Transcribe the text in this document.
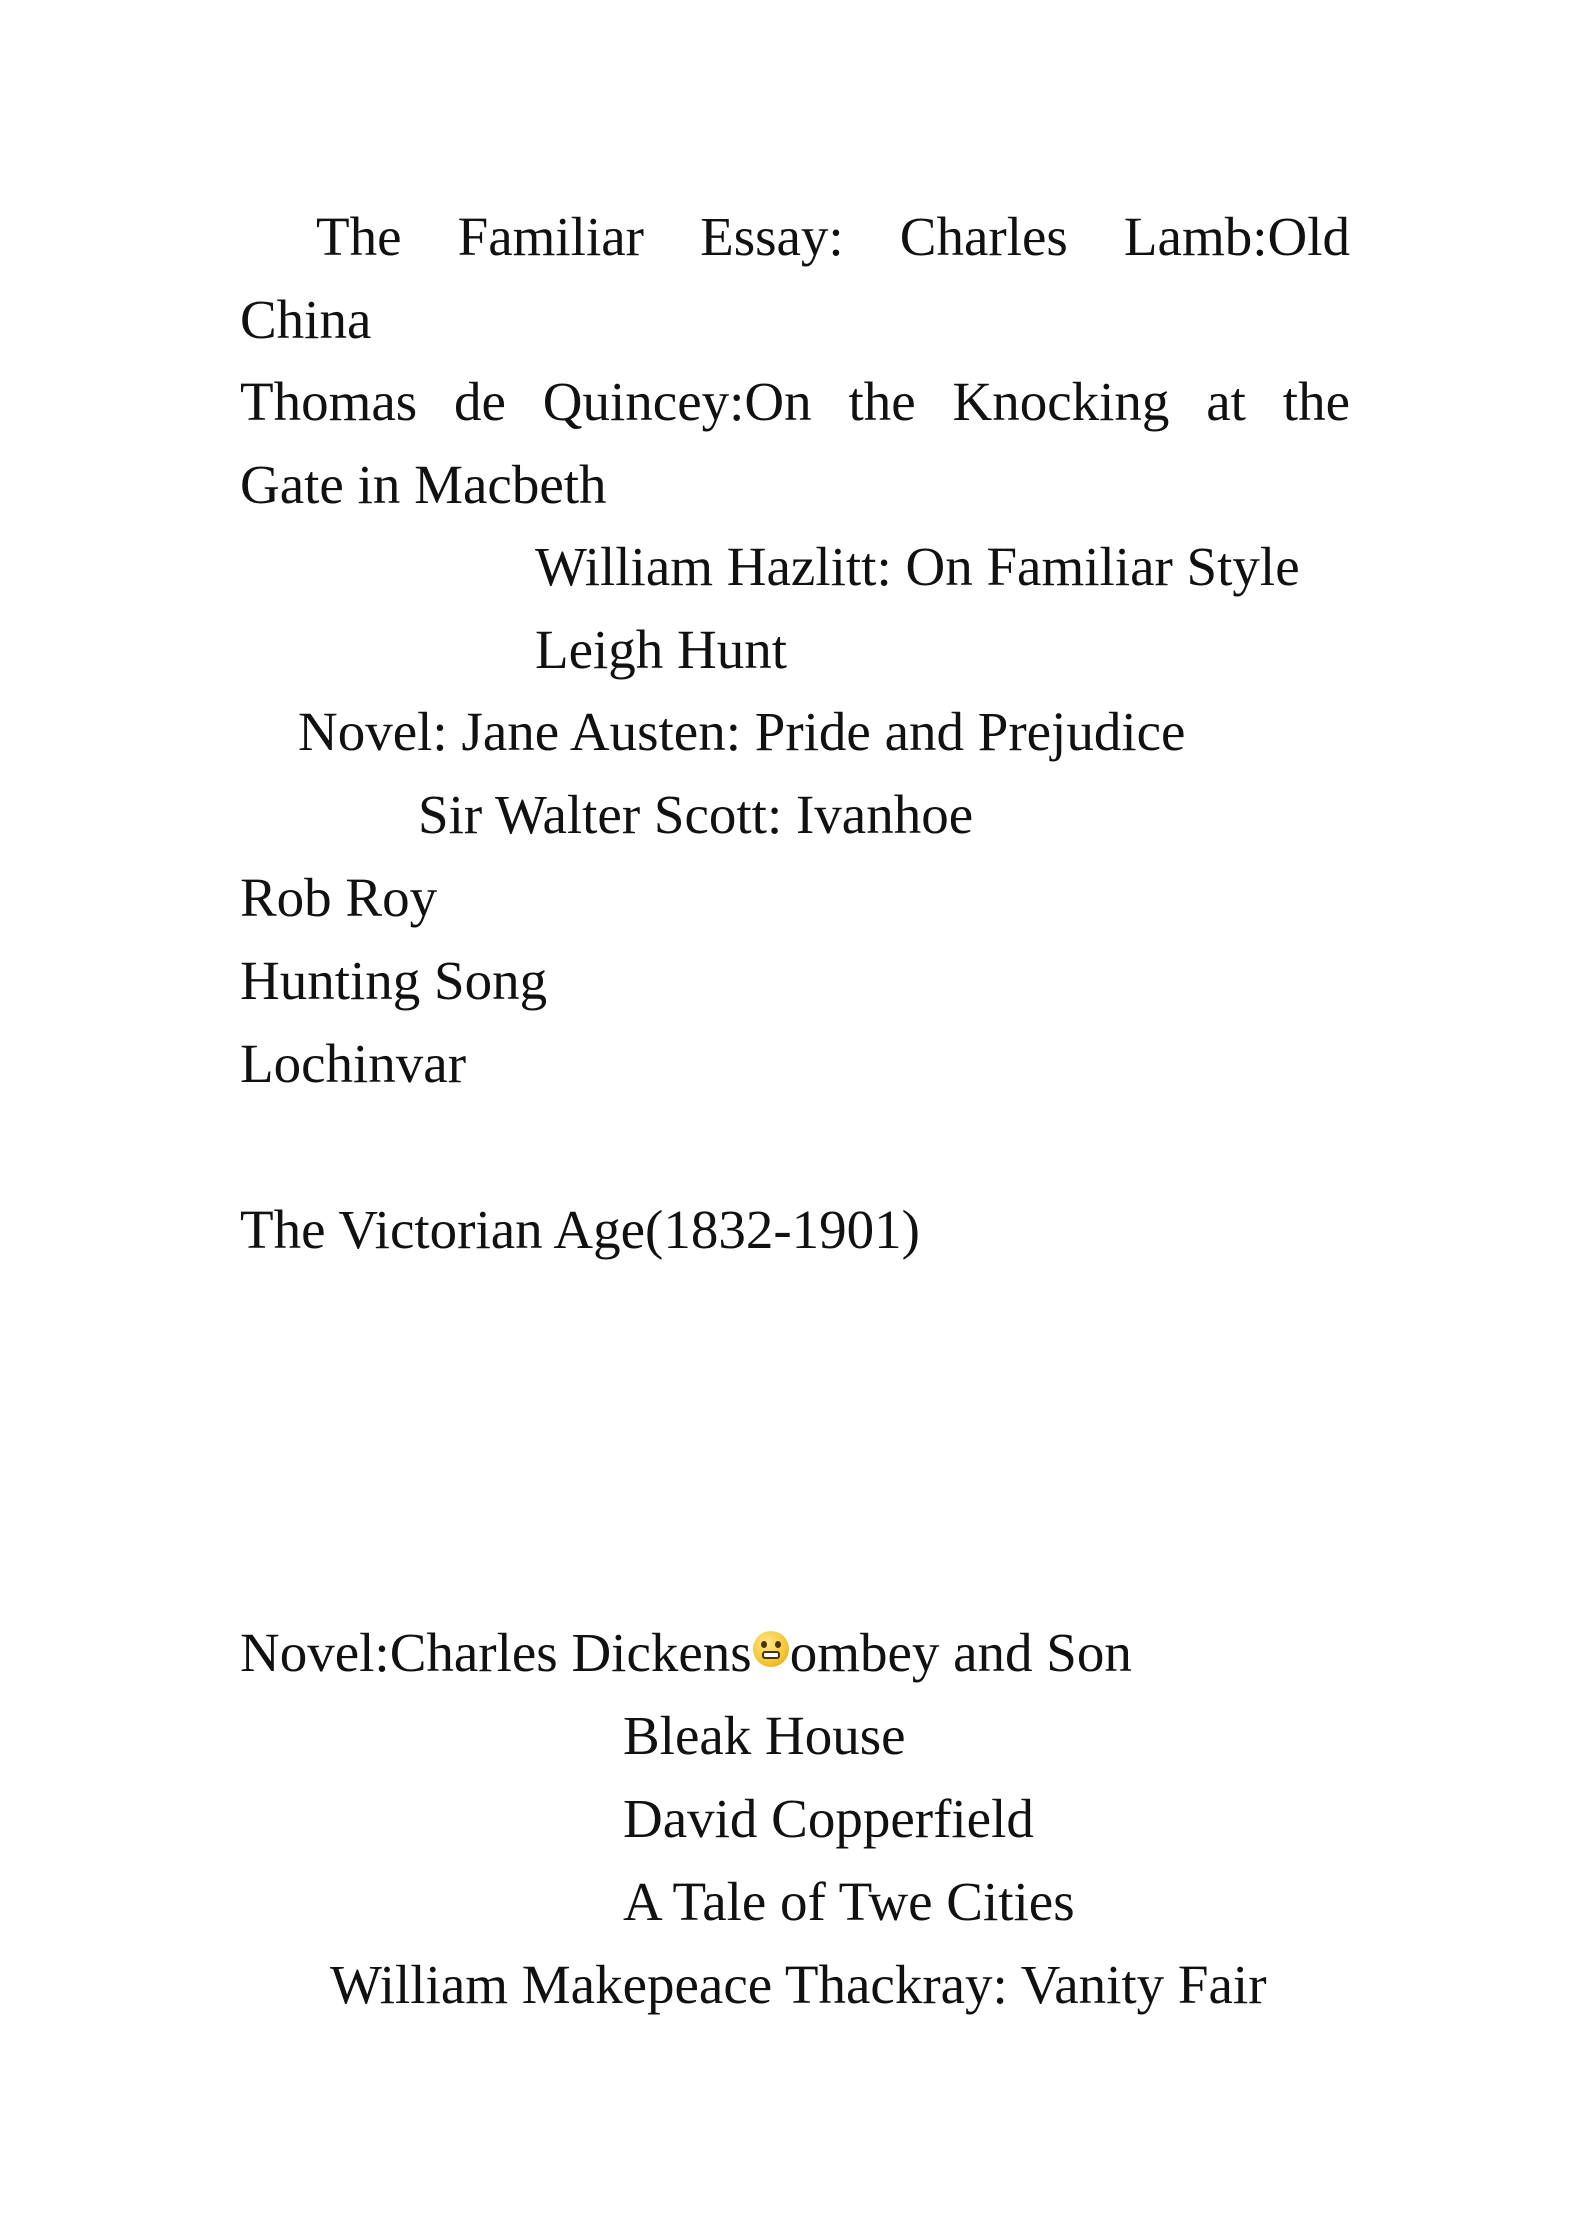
The Familiar Essay: Charles Lamb:Old
China
Thomas de Quincey:On the Knocking at the
Gate in Macbeth
William Hazlitt: On Familiar Style
Leigh Hunt
Novel: Jane Austen: Pride and Prejudice
Sir Walter Scott: Ivanhoe
Rob Roy
Hunting Song
Lochinvar
The Victorian Age(1832-1901)
Novel:Charles Dickens ombey and Son
Bleak House
David Copperfield
A Tale of Twe Cities
William Makepeace Thackray: Vanity Fair
